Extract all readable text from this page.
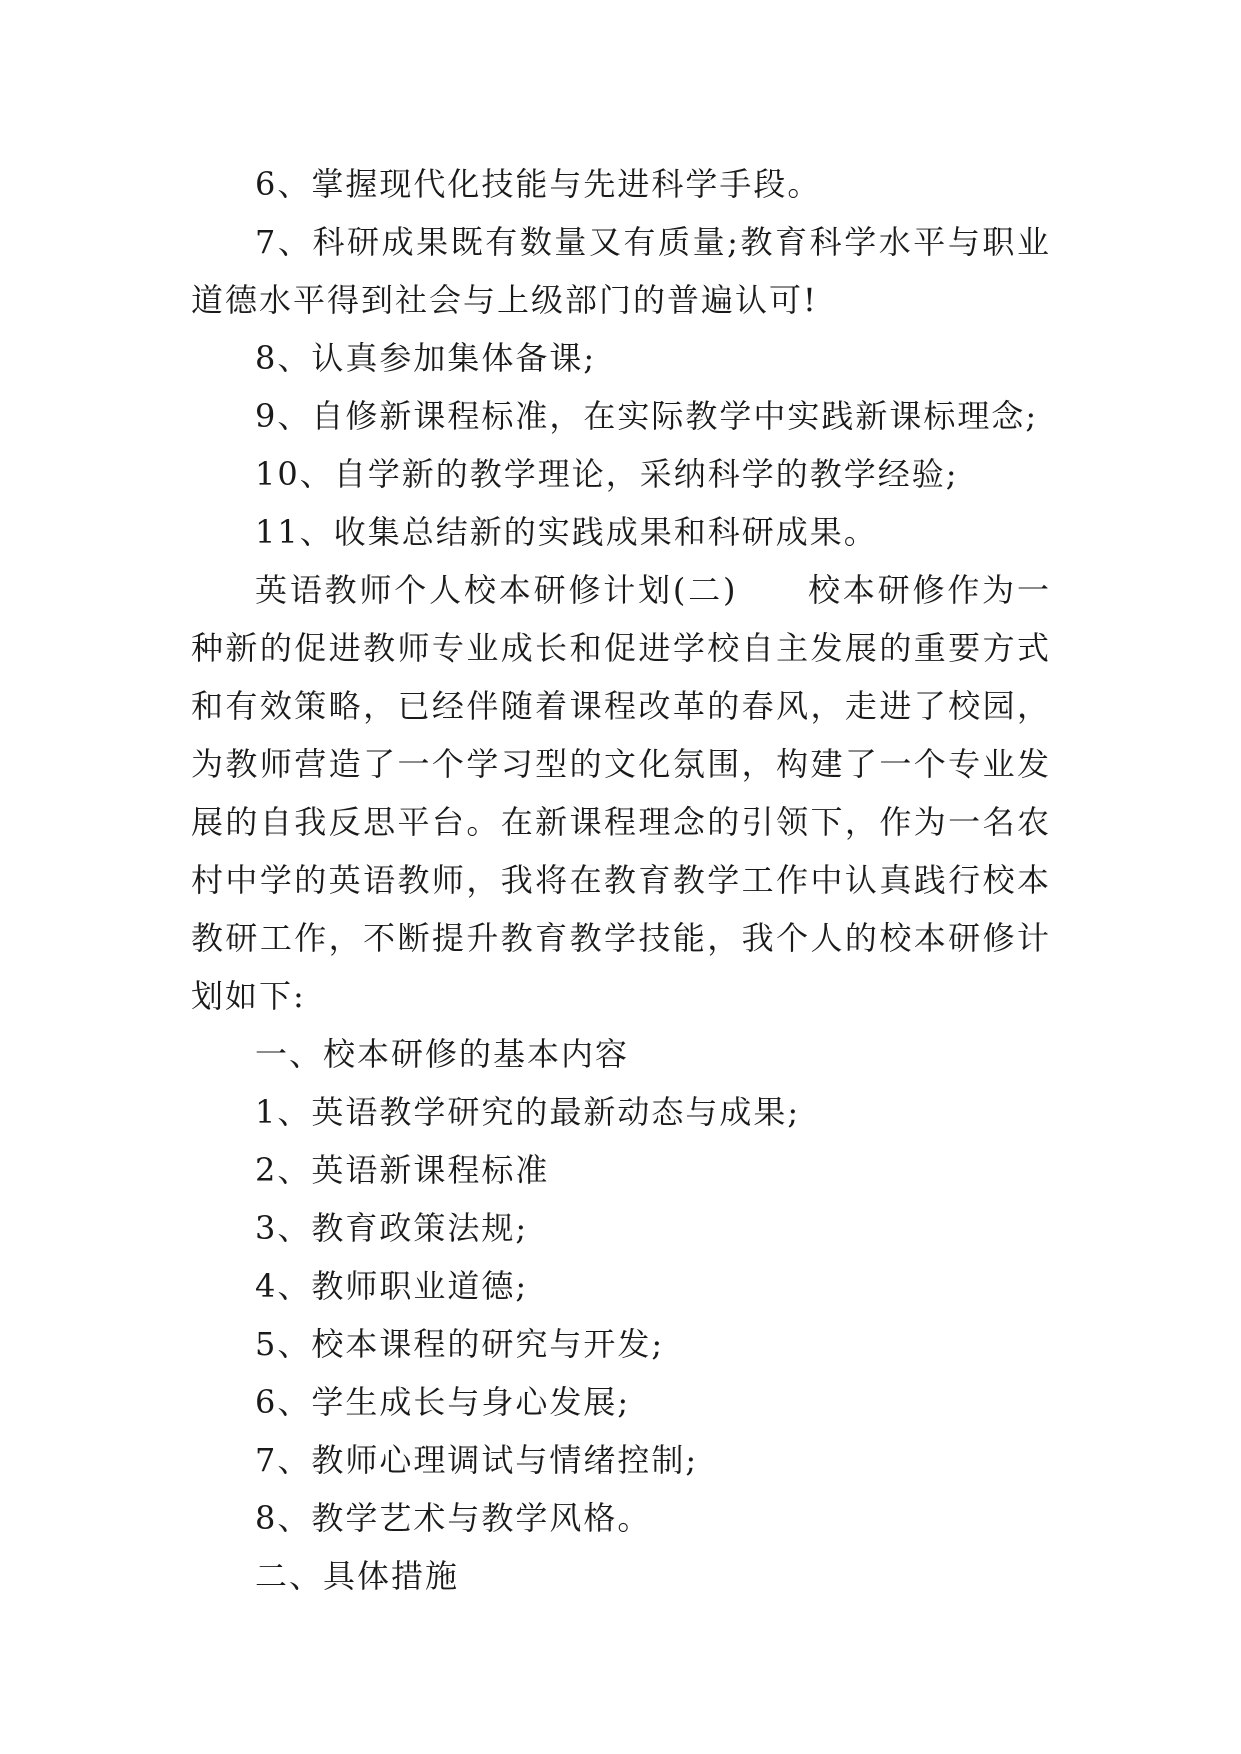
6、掌握现代化技能与先进科学手段。

7、科研成果既有数量又有质量;教育科学水平与职业道德水平得到社会与上级部门的普遍认可!

8、认真参加集体备课;

9、自修新课程标准，在实际教学中实践新课标理念;

10、自学新的教学理论，采纳科学的教学经验;

11、收集总结新的实践成果和科研成果。

英语教师个人校本研修计划(二)　　校本研修作为一种新的促进教师专业成长和促进学校自主发展的重要方式和有效策略，已经伴随着课程改革的春风，走进了校园，为教师营造了一个学习型的文化氛围，构建了一个专业发展的自我反思平台。在新课程理念的引领下，作为一名农村中学的英语教师，我将在教育教学工作中认真践行校本教研工作，不断提升教育教学技能，我个人的校本研修计划如下:

一、校本研修的基本内容

1、英语教学研究的最新动态与成果;

2、英语新课程标准

3、教育政策法规;

4、教师职业道德;

5、校本课程的研究与开发;

6、学生成长与身心发展;

7、教师心理调试与情绪控制;

8、教学艺术与教学风格。

二、具体措施
